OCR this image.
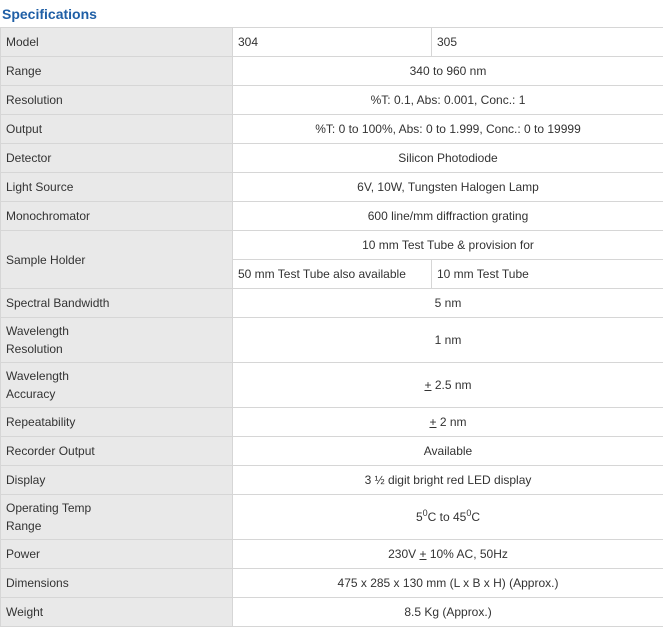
Specifications
Model	304	305
Range	340 to 960 nm	
Resolution	%T: 0.1, Abs: 0.001, Conc.: 1	
Output	%T: 0 to 100%, Abs: 0 to 1.999, Conc.: 0 to 19999	
Detector	Silicon Photodiode	
Light Source	6V, 10W, Tungsten Halogen Lamp	
Monochromator	600 line/mm diffraction grating	
Sample Holder	10 mm Test Tube & provision for	
	50 mm Test Tube also available	10 mm Test Tube
Spectral Bandwidth	5 nm	
Wavelength
Resolution	1 nm	
Wavelength
Accuracy	+ 2.5 nm	
Repeatability	+ 2 nm	
Recorder Output	Available	
Display	3 ½ digit bright red LED display	
Operating Temp
Range	$5^0C$ to $45^0C$	
Power	230V + 10% AC, 50Hz	
Dimensions	475 x 285 x 130 mm (L x B x H) (Approx.)	
Weight	8.5 Kg (Approx.)	
